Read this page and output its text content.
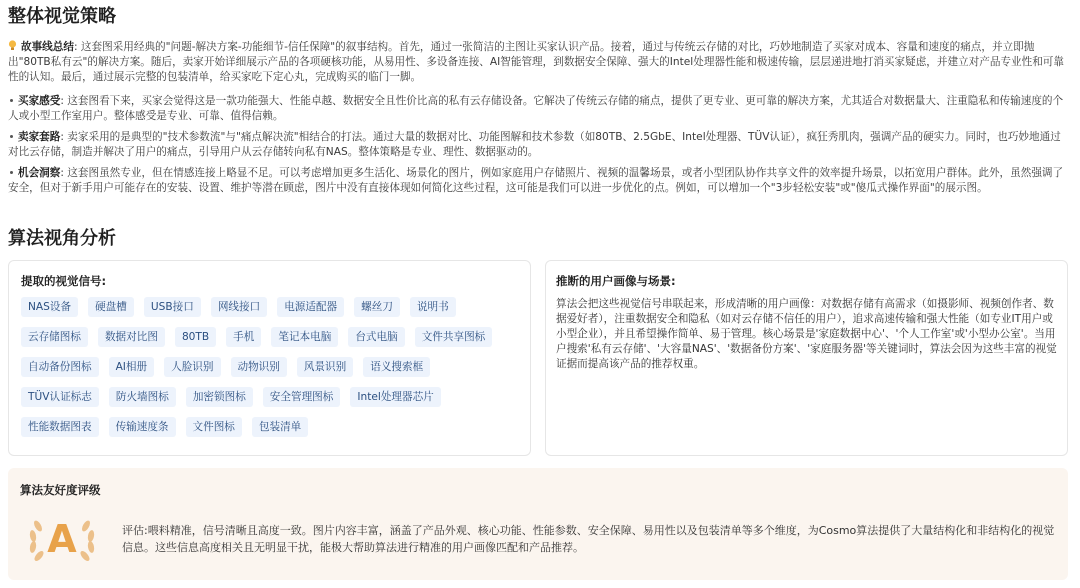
整体视觉策略
故事线总结: 这套图采用经典的"问题-解决方案-功能细节-信任保障"的叙事结构。首先，通过一张简洁的主图让买家认识产品。接着，通过与传统云存储的对比，巧妙地制造了买家对成本、容量和速度的痛点，并立即抛出"80TB私有云"的解决方案。随后，卖家开始详细展示产品的各项硬核功能，从易用性、多设备连接、AI智能管理，到数据安全保障、强大的Intel处理器性能和极速传输，层层递进地打消买家疑虑，并建立对产品专业性和可靠性的认知。最后，通过展示完整的包装清单，给买家吃下定心丸，完成购买的临门一脚。
买家感受: 这套图看下来，买家会觉得这是一款功能强大、性能卓越、数据安全且性价比高的私有云存储设备。它解决了传统云存储的痛点，提供了更专业、更可靠的解决方案，尤其适合对数据量大、注重隐私和传输速度的个人或小型工作室用户。整体感受是专业、可靠、值得信赖。
卖家套路: 卖家采用的是典型的"技术参数流"与"痛点解决流"相结合的打法。通过大量的数据对比、功能图解和技术参数（如80TB、2.5GbE、Intel处理器、TÜV认证），疯狂秀肌肉，强调产品的硬实力。同时，也巧妙地通过对比云存储，制造并解决了用户的痛点，引导用户从云存储转向私有NAS。整体策略是专业、理性、数据驱动的。
机会洞察: 这套图虽然专业，但在情感连接上略显不足。可以考虑增加更多生活化、场景化的图片，例如家庭用户存储照片、视频的温馨场景，或者小型团队协作共享文件的效率提升场景，以拓宽用户群体。此外，虽然强调了安全，但对于新手用户可能存在的安装、设置、维护等潜在顾虑，图片中没有直接体现如何简化这些过程，这可能是我们可以进一步优化的点。例如，可以增加一个"3步轻松安装"或"傻瓜式操作界面"的展示图。
算法视角分析
提取的视觉信号:
NAS设备	硬盘槽	USB接口	网线接口	电源适配器	螺丝刀	说明书
云存储图标	数据对比图	80TB	手机	笔记本电脑	台式电脑	文件共享图标
自动备份图标	AI相册	人脸识别	动物识别	风景识别	语义搜索框
TÜV认证标志	防火墙图标	加密锁图标	安全管理图标	Intel处理器芯片
性能数据图表	传输速度条	文件图标	包装清单
推断的用户画像与场景:
算法会把这些视觉信号串联起来，形成清晰的用户画像：对数据存储有高需求（如摄影师、视频创作者、数据爱好者），注重数据安全和隐私（如对云存储不信任的用户），追求高速传输和强大性能（如专业IT用户或小型企业），并且希望操作简单、易于管理。核心场景是'家庭数据中心'、'个人工作室'或'小型办公室'。当用户搜索'私有云存储'、'大容量NAS'、'数据备份方案'、'家庭服务器'等关键词时，算法会因为这些丰富的视觉证据而提高该产品的推荐权重。
算法友好度评级
A	评估:喂料精准，信号清晰且高度一致。图片内容丰富，涵盖了产品外观、核心功能、性能参数、安全保障、易用性以及包装清单等多个维度，为Cosmo算法提供了大量结构化和非结构化的视觉信息。这些信息高度相关且无明显干扰，能极大帮助算法进行精准的用户画像匹配和产品推荐。
